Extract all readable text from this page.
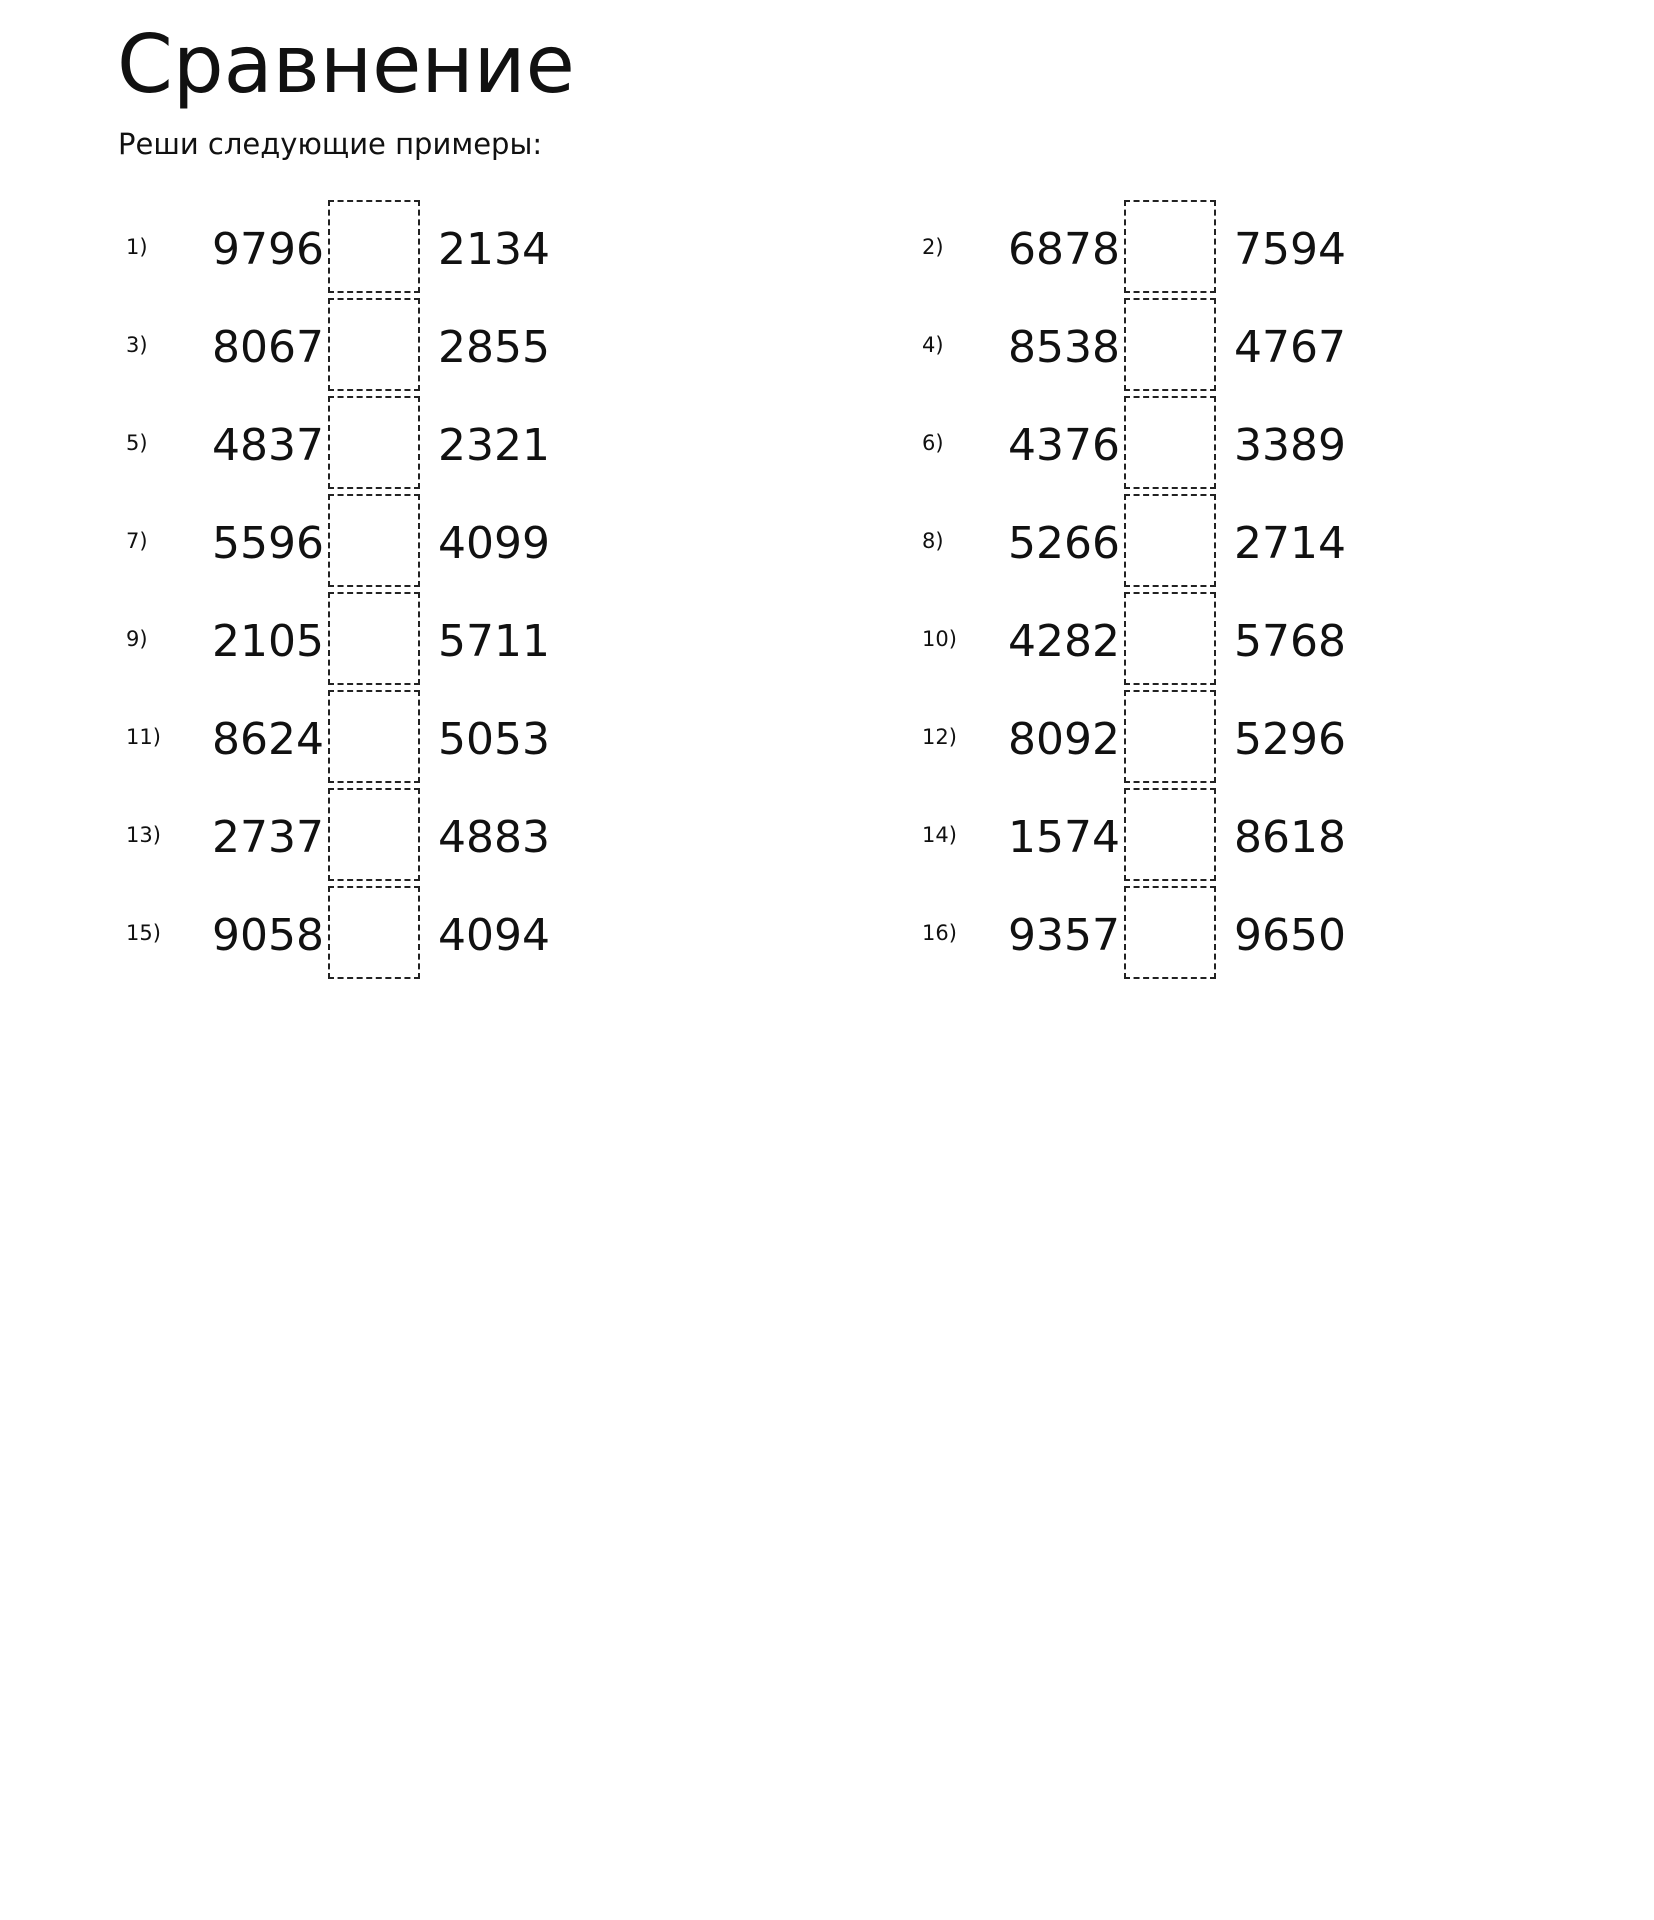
Сравнение

Реши следующие примеры:

1) 9796	2134	2) 6878	7594
3) 8067	2855	4) 8538	4767
5) 4837	2321	6) 4376	3389
7) 5596	4099	8) 5266	2714
9) 2105	5711	10) 4282	5768
11) 8624	5053	12) 8092	5296
13) 2737	4883	14) 1574	8618
15) 9058	4094	16) 9357	9650
